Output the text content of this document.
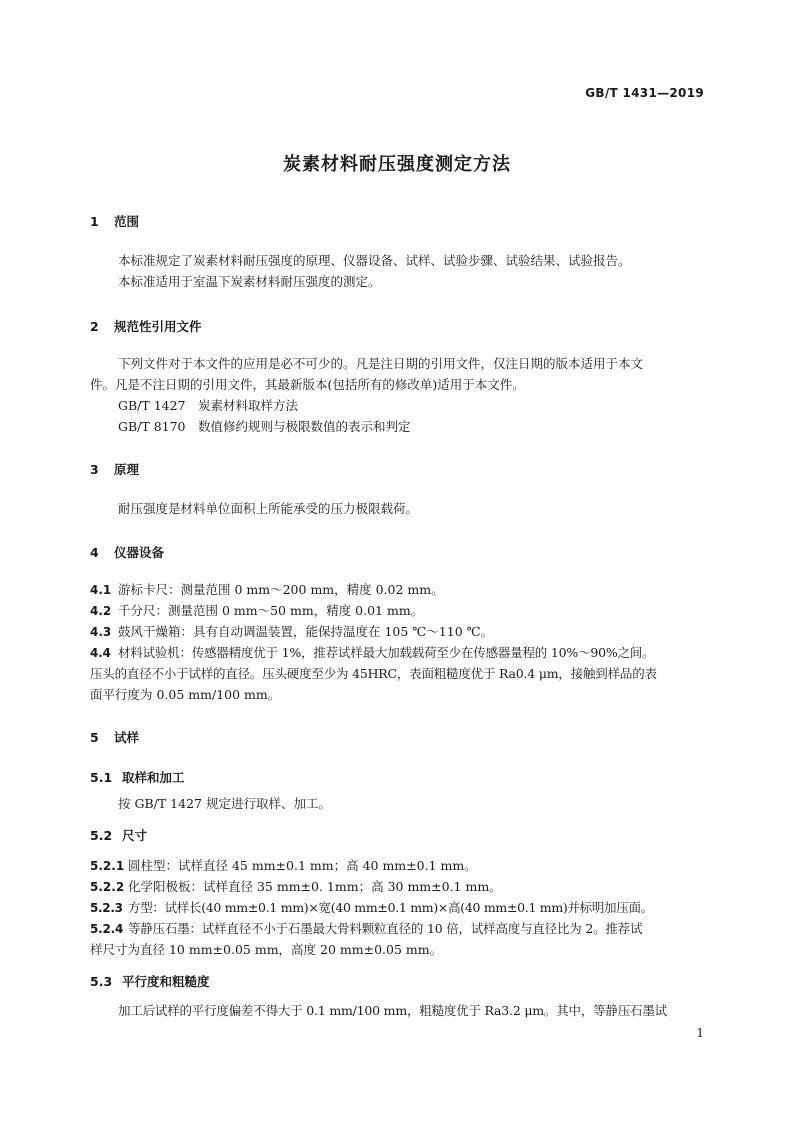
GB/T 1431—2019
炭素材料耐压强度测定方法
1 范围
本标准规定了炭素材料耐压强度的原理、仪器设备、试样、试验步骤、试验结果、试验报告。
本标准适用于室温下炭素材料耐压强度的测定。
2 规范性引用文件
下列文件对于本文件的应用是必不可少的。凡是注日期的引用文件，仅注日期的版本适用于本文
件。凡是不注日期的引用文件，其最新版本(包括所有的修改单)适用于本文件。
GB/T 1427 炭素材料取样方法
GB/T 8170 数值修约规则与极限数值的表示和判定
3 原理
耐压强度是材料单位面积上所能承受的压力极限载荷。
4 仪器设备
4.1 游标卡尺：测量范围 0 mm～200 mm，精度 0.02 mm。
4.2 千分尺：测量范围 0 mm～50 mm，精度 0.01 mm。
4.3 鼓风干燥箱：具有自动调温装置，能保持温度在 105 ℃～110 ℃。
4.4 材料试验机：传感器精度优于 1%，推荐试样最大加载载荷至少在传感器量程的 10%～90%之间。
压头的直径不小于试样的直径。压头硬度至少为 45HRC，表面粗糙度优于 Ra0.4 μm，接触到样品的表
面平行度为 0.05 mm/100 mm。
5 试样
5.1 取样和加工
按 GB/T 1427 规定进行取样、加工。
5.2 尺寸
5.2.1 圆柱型：试样直径 45 mm±0.1 mm；高 40 mm±0.1 mm。
5.2.2 化学阳极板：试样直径 35 mm±0. 1mm；高 30 mm±0.1 mm。
5.2.3 方型：试样长(40 mm±0.1 mm)×宽(40 mm±0.1 mm)×高(40 mm±0.1 mm)并标明加压面。
5.2.4 等静压石墨：试样直径不小于石墨最大骨料颗粒直径的 10 倍，试样高度与直径比为 2。推荐试
样尺寸为直径 10 mm±0.05 mm，高度 20 mm±0.05 mm。
5.3 平行度和粗糙度
加工后试样的平行度偏差不得大于 0.1 mm/100 mm，粗糙度优于 Ra3.2 μm。其中，等静压石墨试
1
